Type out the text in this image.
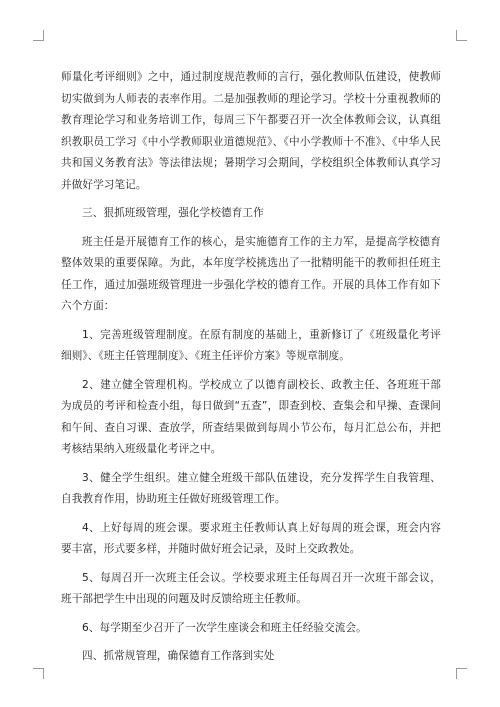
师量化考评细则》之中，通过制度规范教师的言行，强化教师队伍建设，使教师切实做到为人师表的表率作用。二是加强教师的理论学习。学校十分重视教师的教育理论学习和业务培训工作，每周三下午都要召开一次全体教师会议，认真组织教职员工学习《中小学教师职业道德规范》、《中小学教师十不准》、《中华人民共和国义务教育法》等法律法规；暑期学习会期间，学校组织全体教师认真学习并做好学习笔记。

三、狠抓班级管理，强化学校德育工作

班主任是开展德育工作的核心，是实施德育工作的主力军，是提高学校德育整体效果的重要保障。为此，本年度学校挑选出了一批精明能干的教师担任班主任工作，通过加强班级管理进一步强化学校的德育工作。开展的具体工作有如下六个方面：

1、完善班级管理制度。在原有制度的基础上，重新修订了《班级量化考评细则》、《班主任管理制度》、《班主任评价方案》等规章制度。

2、建立健全管理机构。学校成立了以德育副校长、政教主任、各班班干部为成员的考评和检查小组，每日做到“五查”，即查到校、查集会和早操、查课间和午间、查自习课、查放学，所查结果做到每周小节公布，每月汇总公布，并把考核结果纳入班级量化考评之中。

3、健全学生组织。建立健全班级干部队伍建设，充分发挥学生自我管理、自我教育作用，协助班主任做好班级管理工作。

4、上好每周的班会课。要求班主任教师认真上好每周的班会课，班会内容要丰富，形式要多样，并随时做好班会记录，及时上交政教处。

5、每周召开一次班主任会议。学校要求班主任每周召开一次班干部会议，班干部把学生中出现的问题及时反馈给班主任教师。

6、每学期至少召开了一次学生座谈会和班主任经验交流会。

四、抓常规管理，确保德育工作落到实处
